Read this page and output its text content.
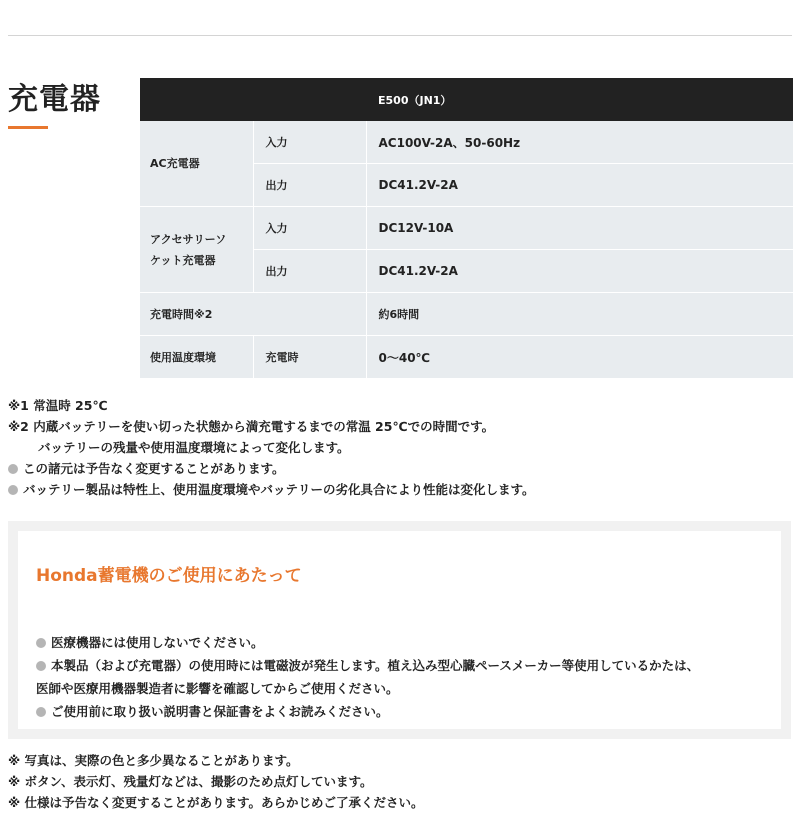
充電器
		E500（JN1）
AC充電器	入力	AC100V-2A、50-60Hz
	出力	DC41.2V-2A
アクセサリーソ
ケット充電器	入力	DC12V-10A
	出力	DC41.2V-2A
充電時間※2		約6時間
使用温度環境	充電時	0〜40℃
※1 常温時 25℃
※2 内蔵バッテリーを使い切った状態から満充電するまでの常温 25℃での時間です。
バッテリーの残量や使用温度環境によって変化します。
この諸元は予告なく変更することがあります。
バッテリー製品は特性上、使用温度環境やバッテリーの劣化具合により性能は変化します。
Honda蓄電機のご使用にあたって
医療機器には使用しないでください。
本製品（および充電器）の使用時には電磁波が発生します。植え込み型心臓ペースメーカー等使用しているかたは、
医師や医療用機器製造者に影響を確認してからご使用ください。
ご使用前に取り扱い説明書と保証書をよくお読みください。
※ 写真は、実際の色と多少異なることがあります。
※ ボタン、表示灯、残量灯などは、撮影のため点灯しています。
※ 仕様は予告なく変更することがあります。あらかじめご了承ください。
